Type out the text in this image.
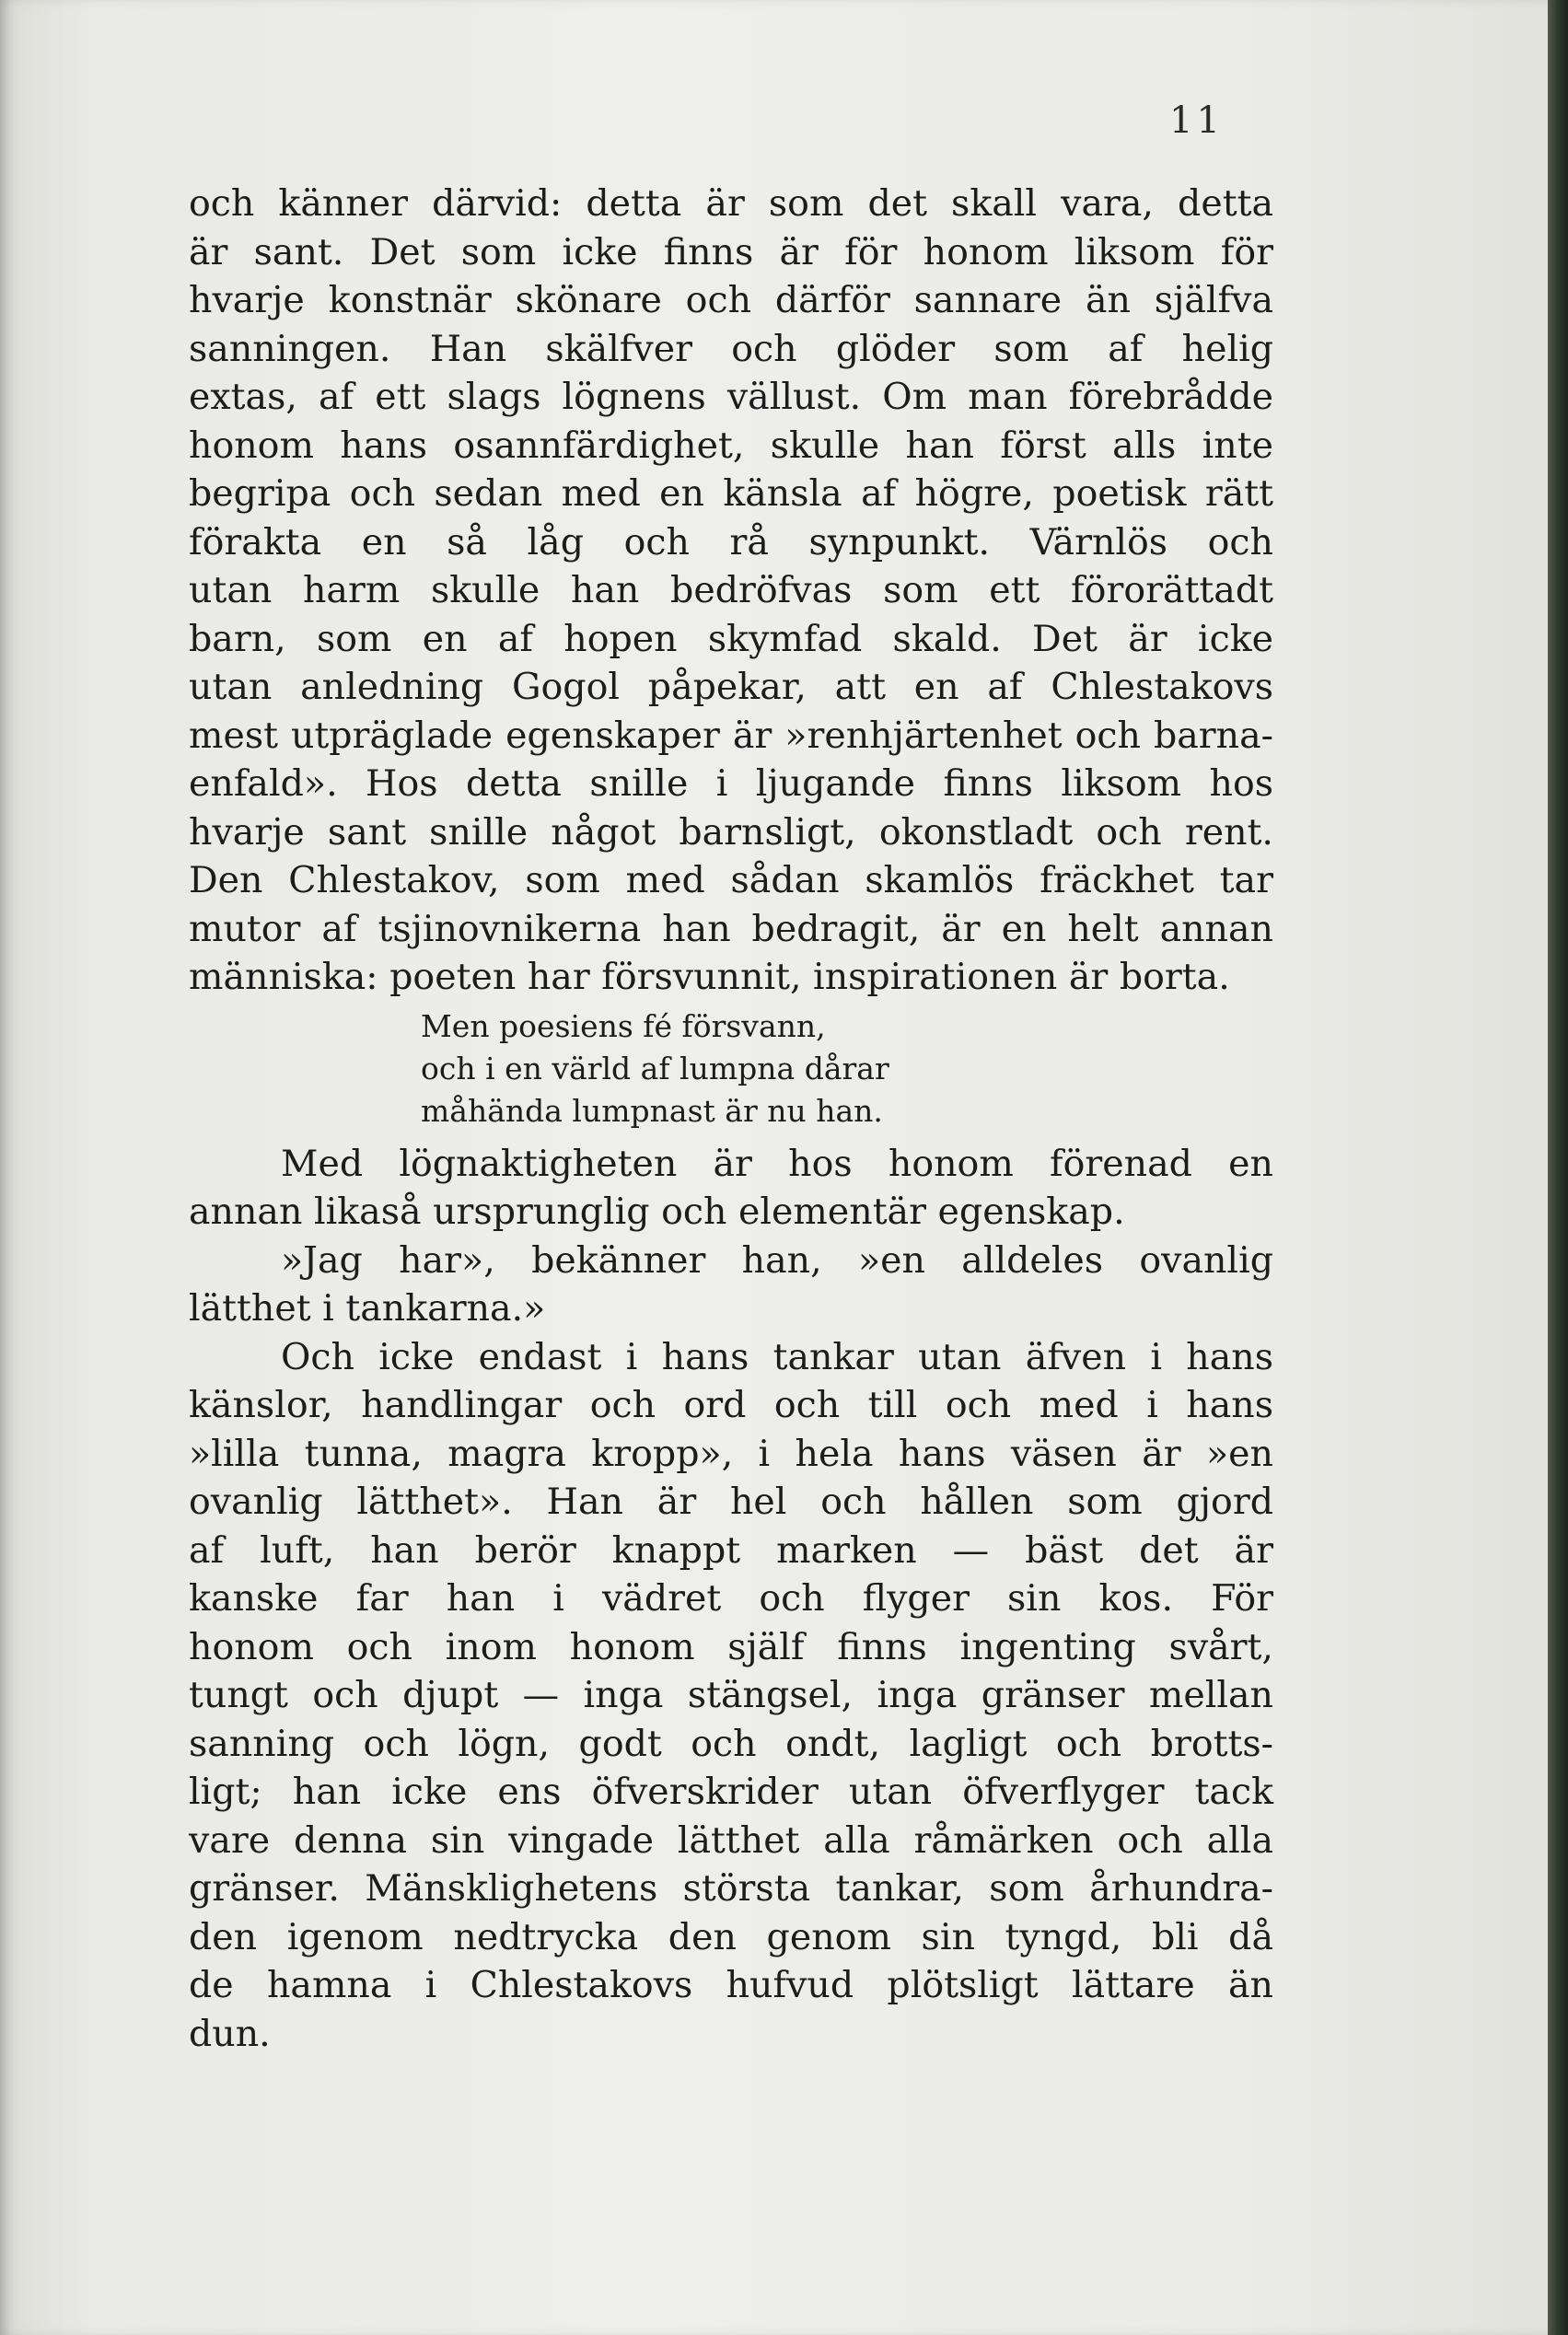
11
och känner därvid: detta är som det skall vara, detta
är sant. Det som icke finns är för honom liksom för
hvarje konstnär skönare och därför sannare än själfva
sanningen. Han skälfver och glöder som af helig
extas, af ett slags lögnens vällust. Om man förebrådde
honom hans osannfärdighet, skulle han först alls inte
begripa och sedan med en känsla af högre, poetisk rätt
förakta en så låg och rå synpunkt. Värnlös och
utan harm skulle han bedröfvas som ett förorättadt
barn, som en af hopen skymfad skald. Det är icke
utan anledning Gogol påpekar, att en af Chlestakovs
mest utpräglade egenskaper är »renhjärtenhet och barna-
enfald». Hos detta snille i ljugande finns liksom hos
hvarje sant snille något barnsligt, okonstladt och rent.
Den Chlestakov, som med sådan skamlös fräckhet tar
mutor af tsjinovnikerna han bedragit, är en helt annan
människa: poeten har försvunnit, inspirationen är borta.
Men poesiens fé försvann,
och i en värld af lumpna dårar
måhända lumpnast är nu han.
Med lögnaktigheten är hos honom förenad en
annan likaså ursprunglig och elementär egenskap.
»Jag har», bekänner han, »en alldeles ovanlig
lätthet i tankarna.»
Och icke endast i hans tankar utan äfven i hans
känslor, handlingar och ord och till och med i hans
»lilla tunna, magra kropp», i hela hans väsen är »en
ovanlig lätthet». Han är hel och hållen som gjord
af luft, han berör knappt marken — bäst det är
kanske far han i vädret och flyger sin kos. För
honom och inom honom själf finns ingenting svårt,
tungt och djupt — inga stängsel, inga gränser mellan
sanning och lögn, godt och ondt, lagligt och brotts-
ligt; han icke ens öfverskrider utan öfverflyger tack
vare denna sin vingade lätthet alla råmärken och alla
gränser. Mänsklighetens största tankar, som århundra-
den igenom nedtrycka den genom sin tyngd, bli då
de hamna i Chlestakovs hufvud plötsligt lättare än
dun.
